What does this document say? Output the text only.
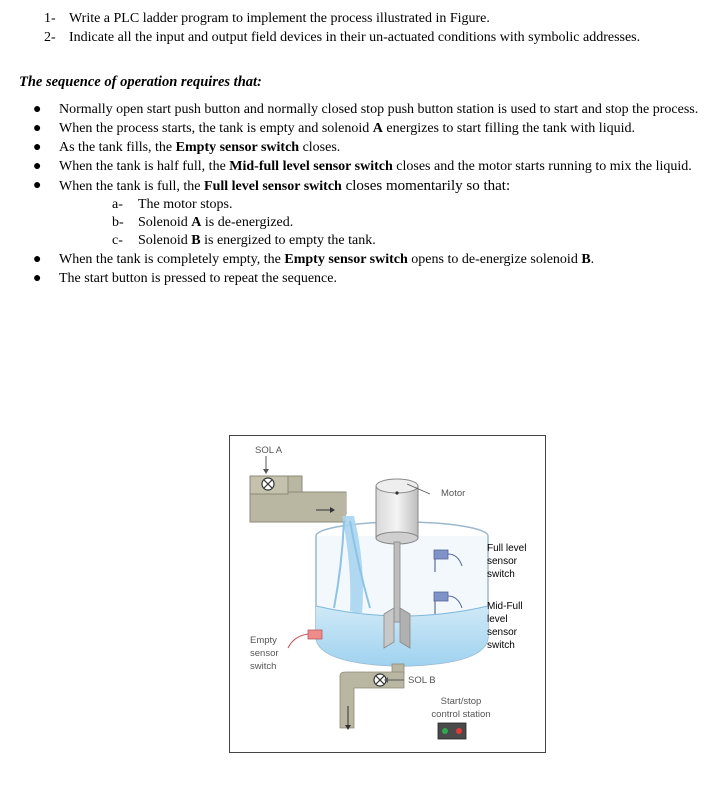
1- Write a PLC ladder program to implement the process illustrated in Figure.
2- Indicate all the input and output field devices in their un-actuated conditions with symbolic addresses.

The sequence of operation requires that:

● Normally open start push button and normally closed stop push button station is used to start and stop the process.
● When the process starts, the tank is empty and solenoid A energizes to start filling the tank with liquid.
● As the tank fills, the Empty sensor switch closes.
● When the tank is half full, the Mid-full level sensor switch closes and the motor starts running to mix the liquid.
● When the tank is full, the Full level sensor switch closes momentarily so that:
a-	The motor stops.
b-	Solenoid A is de-energized.
c-	Solenoid B is energized to empty the tank.
● When the tank is completely empty, the Empty sensor switch opens to de-energize solenoid B.
● The start button is pressed to repeat the sequence.
SOL A
Motor
Full level
sensor
switch
Mid-Full
level
sensor
switch
Empty
sensor
switch
SOL B
Start/stop
control station
